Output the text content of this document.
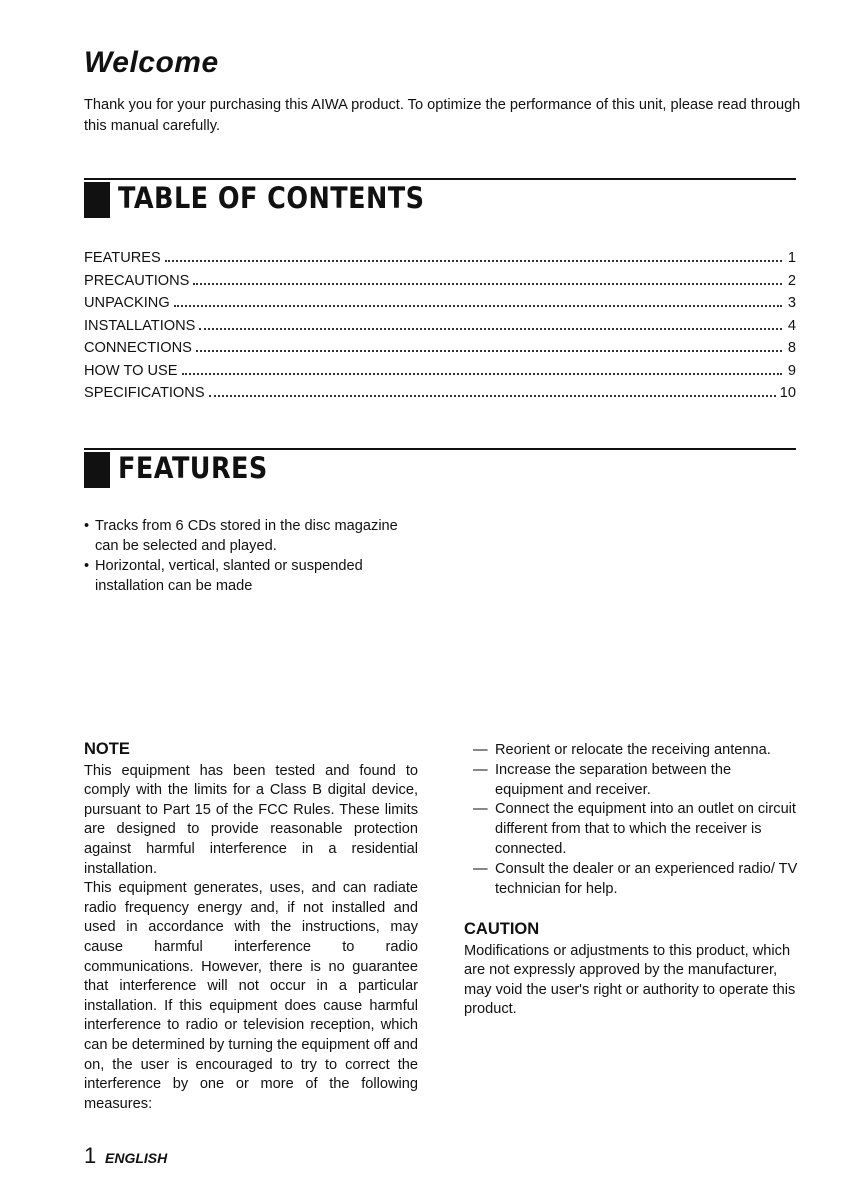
Welcome

Thank you for your purchasing this AIWA product. To optimize the performance of this unit, please read through this manual carefully.

TABLE OF CONTENTS
FEATURES	1
PRECAUTIONS	2
UNPACKING	3
INSTALLATIONS	4
CONNECTIONS	8
HOW TO USE	9
SPECIFICATIONS	10
FEATURES
• Tracks from 6 CDs stored in the disc magazine can be selected and played.
• Horizontal, vertical, slanted or suspended installation can be made
NOTE

This equipment has been tested and found to comply with the limits for a Class B digital device, pursuant to Part 15 of the FCC Rules. These limits are designed to provide reasonable protection against harmful interference in a residential installation.

This equipment generates, uses, and can radiate radio frequency energy and, if not installed and used in accordance with the instructions, may cause harmful interference to radio communications. However, there is no guarantee that interference will not occur in a particular installation. If this equipment does cause harmful interference to radio or television reception, which can be determined by turning the equipment off and on, the user is encouraged to try to correct the interference by one or more of the following measures:

— Reorient or relocate the receiving antenna.
— Increase the separation between the equipment and receiver.
— Connect the equipment into an outlet on circuit different from that to which the receiver is connected.
— Consult the dealer or an experienced radio/ TV technician for help.
CAUTION

Modifications or adjustments to this product, which are not expressly approved by the manufacturer, may void the user's right or authority to operate this product.

1 ENGLISH
